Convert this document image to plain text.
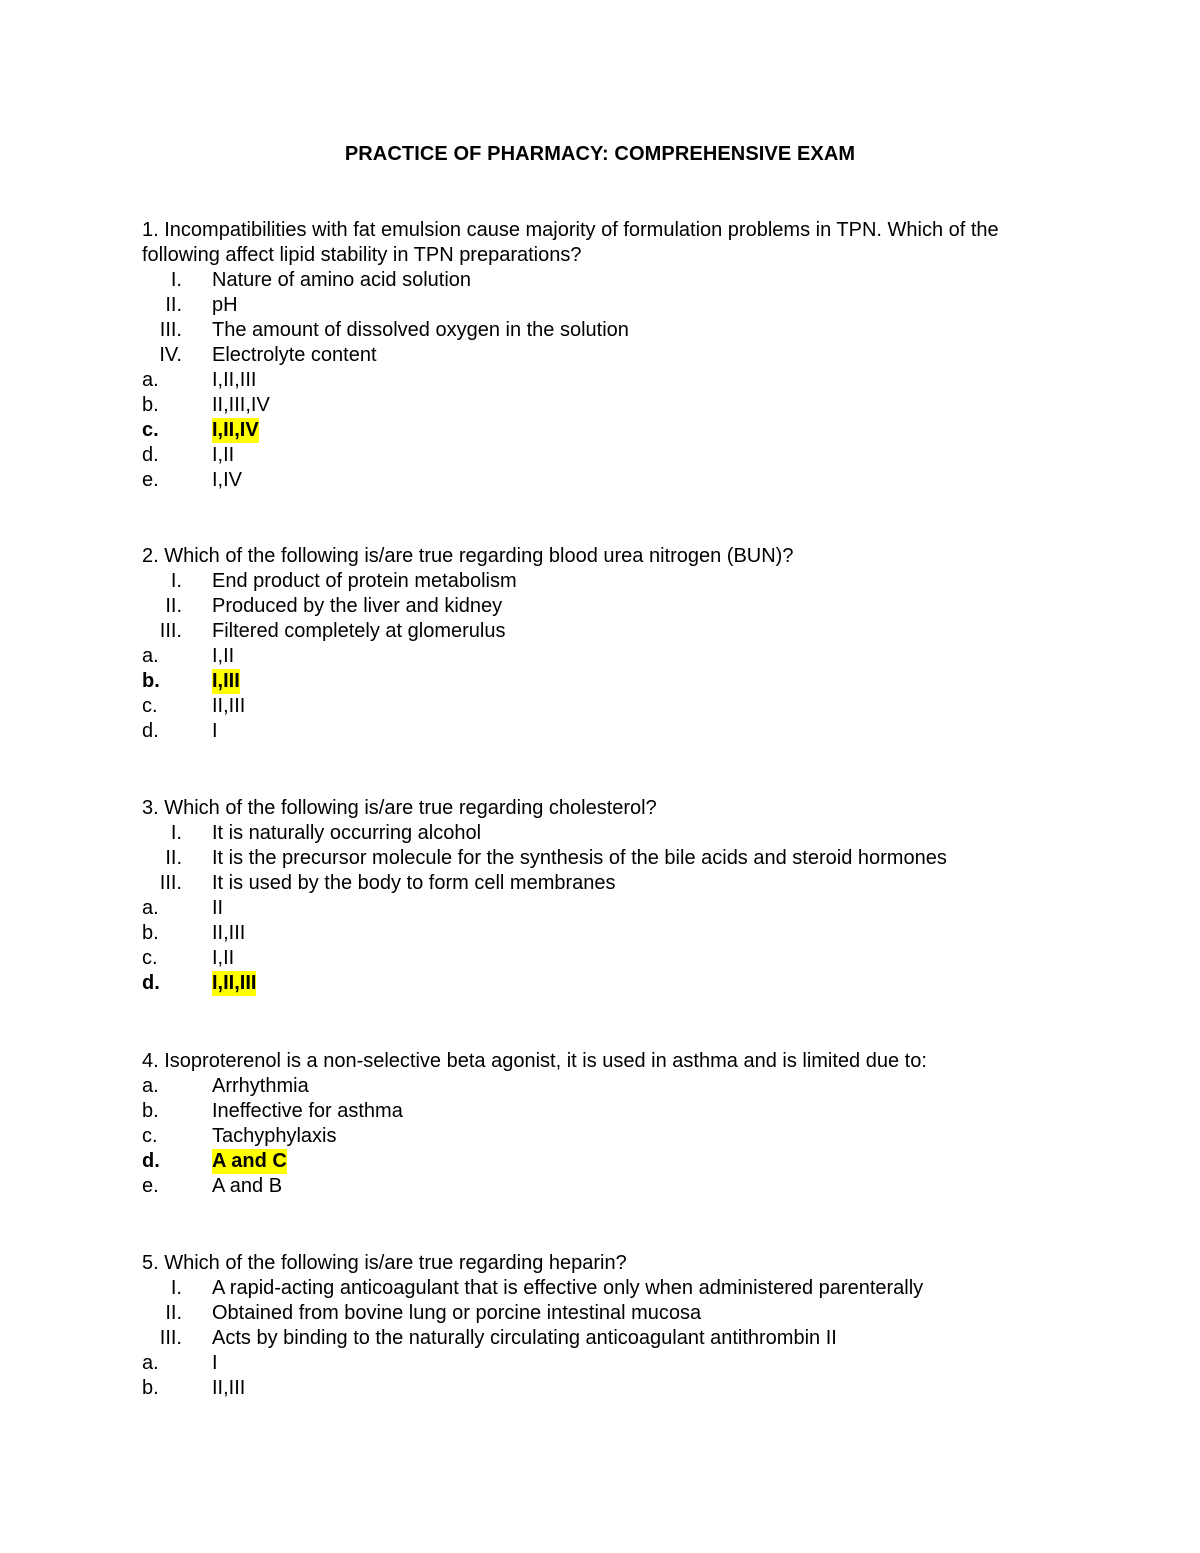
PRACTICE OF PHARMACY: COMPREHENSIVE EXAM

1. Incompatibilities with fat emulsion cause majority of formulation problems in TPN. Which of the following affect lipid stability in TPN preparations?

I. Nature of amino acid solution
II. pH
III. The amount of dissolved oxygen in the solution
IV. Electrolyte content
a.	I,II,III
b.	II,III,IV
c.	I,II,IV
d.	I,II
e.	I,IV

2. Which of the following is/are true regarding blood urea nitrogen (BUN)?

I. End product of protein metabolism
II. Produced by the liver and kidney
III. Filtered completely at glomerulus
a.	I,II
b.	I,III
c.	II,III
d.	I

3. Which of the following is/are true regarding cholesterol?

I. It is naturally occurring alcohol
II. It is the precursor molecule for the synthesis of the bile acids and steroid hormones
III. It is used by the body to form cell membranes
a.	II
b.	II,III
c.	I,II
d.	I,II,III

4. Isoproterenol is a non-selective beta agonist, it is used in asthma and is limited due to:

a.	Arrhythmia
b.	Ineffective for asthma
c.	Tachyphylaxis
d.	A and C
e.	A and B

5. Which of the following is/are true regarding heparin?

I. A rapid-acting anticoagulant that is effective only when administered parenterally
II. Obtained from bovine lung or porcine intestinal mucosa
III. Acts by binding to the naturally circulating anticoagulant antithrombin II
a.	I
b.	II,III
